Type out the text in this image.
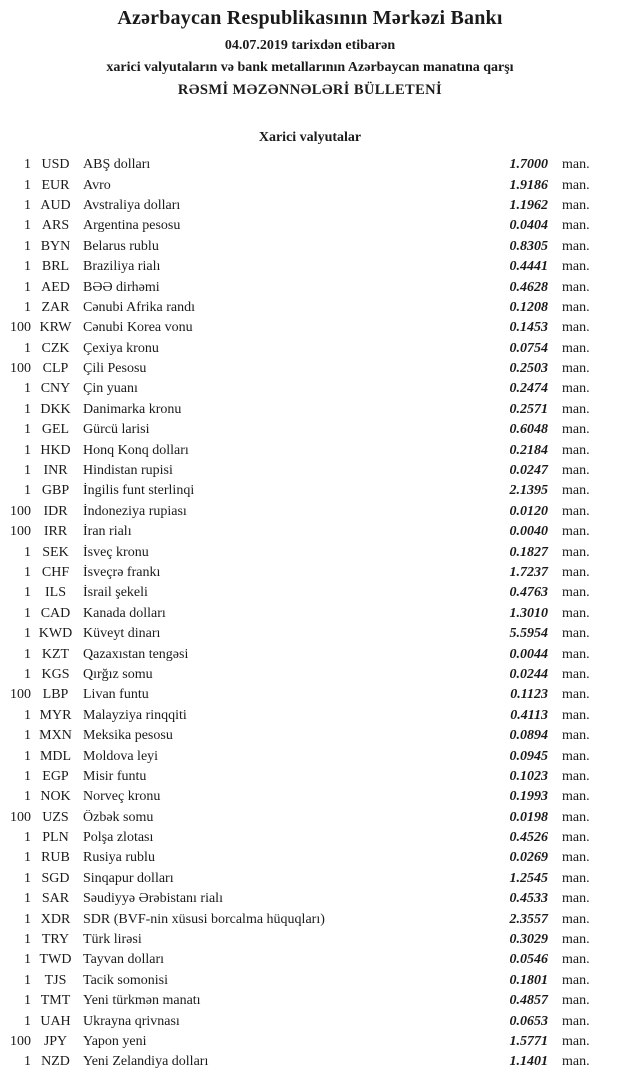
Azərbaycan Respublikasının Mərkəzi Bankı
04.07.2019 tarixdən etibarən
xarici valyutaların və bank metallarının Azərbaycan manatına qarşı
RƏSMİ MƏZƏNNƏLƏRİ BÜLLETENİ
Xarici valyutalar
1 USD ABŞ dolları	1.7000	man.
1 EUR Avro	1.9186	man.
1 AUD Avstraliya dolları	1.1962	man.
1 ARS Argentina pesosu	0.0404	man.
1 BYN Belarus rublu	0.8305	man.
1 BRL Braziliya rialı	0.4441	man.
1 AED BƏƏ dirhəmi	0.4628	man.
1 ZAR Cənubi Afrika randı	0.1208	man.
100 KRW Cənubi Korea vonu	0.1453	man.
1 CZK Çexiya kronu	0.0754	man.
100 CLP	Çili Pesosu	0.2503	man.
1 CNY Çin yuanı	0.2474	man.
1 DKK Danimarka kronu	0.2571	man.
1 GEL Gürcü larisi	0.6048	man.
1 HKD Honq Konq dolları	0.2184	man.
1 INR	Hindistan rupisi	0.0247	man.
1 GBP İngilis funt sterlinqi	2.1395	man.
100 IDR	İndoneziya rupiası	0.0120	man.
100 IRR	İran rialı	0.0040	man.
1 SEK	İsveç kronu	0.1827	man.
1 CHF İsveçrə frankı	1.7237	man.
1	ILS	İsrail şekeli	0.4763	man.
1 CAD Kanada dolları	1.3010	man.
1 KWD Küveyt dinarı	5.5954	man.
1 KZT Qazaxıstan tengəsi	0.0044	man.
1 KGS Qırğız somu	0.0244	man.
100 LBP	Livan funtu	0.1123	man.
1 MYR Malayziya rinqqiti	0.4113	man.
1 MXN Meksika pesosu	0.0894	man.
1 MDL Moldova leyi	0.0945	man.
1 EGP	Misir funtu	0.1023	man.
1 NOK Norveç kronu	0.1993	man.
100 UZS	Özbək somu	0.0198	man.
1 PLN	Polşa zlotası	0.4526	man.
1 RUB Rusiya rublu	0.0269	man.
1 SGD Sinqapur dolları	1.2545	man.
1 SAR Səudiyyə Ərəbistanı rialı	0.4533	man.
1 XDR SDR (BVF-nin xüsusi borcalma hüquqları)	2.3557	man.
1 TRY Türk lirəsi	0.3029	man.
1 TWD Tayvan dolları	0.0546	man.
1 TJS	Tacik somonisi	0.1801	man.
1 TMT Yeni türkmən manatı	0.4857	man.
1 UAH Ukrayna qrivnası	0.0653	man.
100 JPY	Yapon yeni	1.5771	man.
1 NZD Yeni Zelandiya dolları	1.1401	man.
